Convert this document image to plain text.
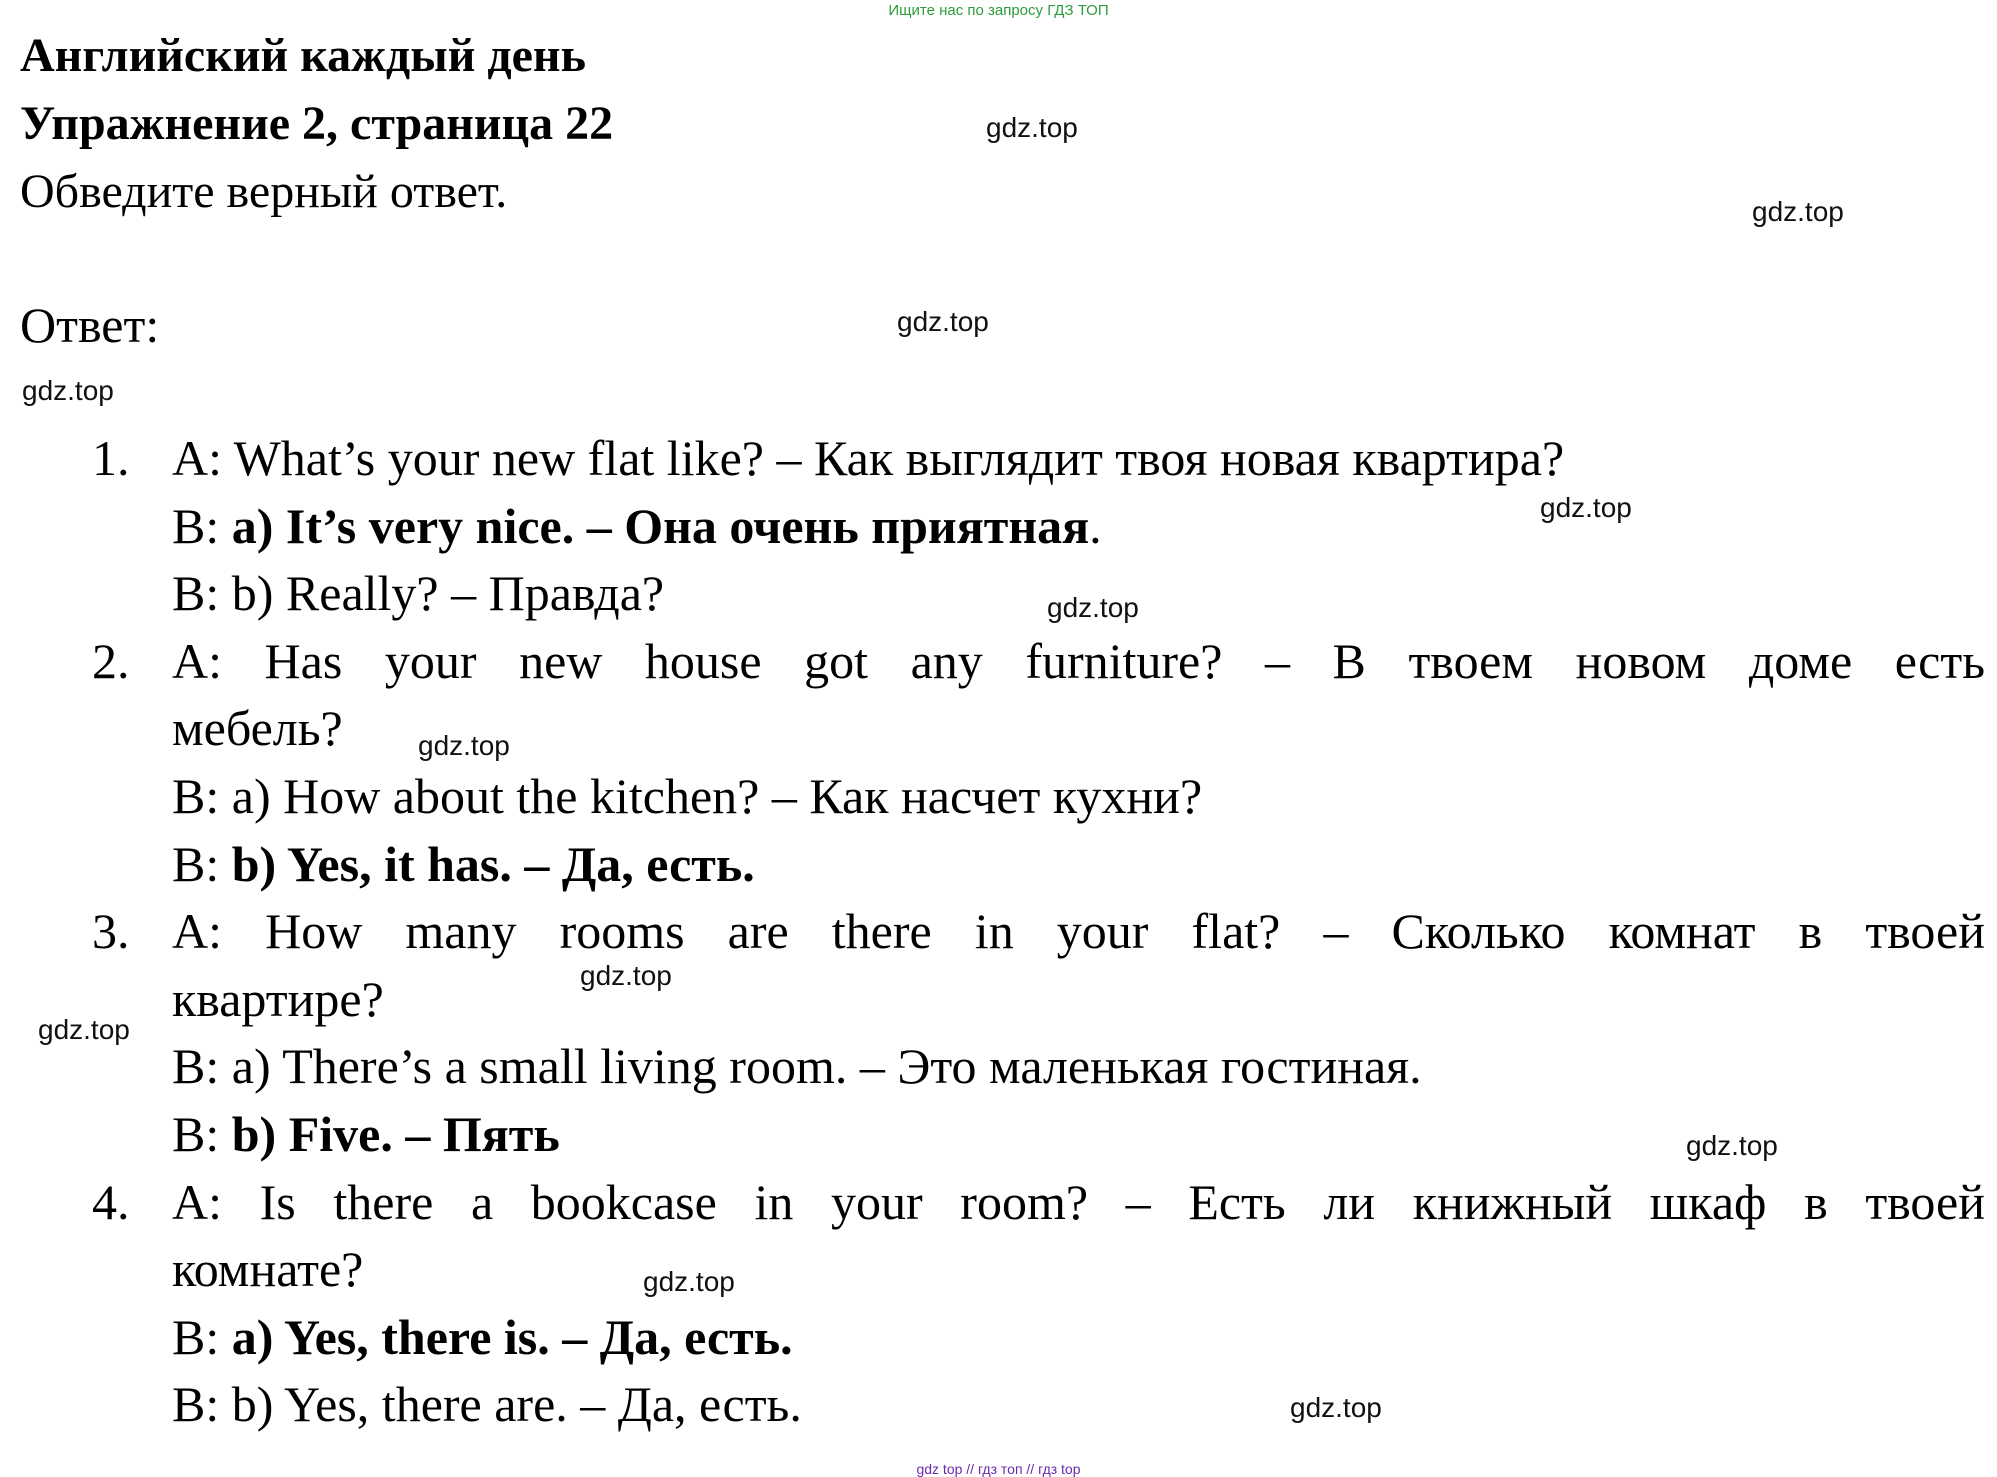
Ищите нас по запросу ГДЗ ТОП
Английский каждый день
Упражнение 2, страница 22
Обведите верный ответ.
Ответ:
1. A: What’s your new flat like? – Как выглядит твоя новая квартира?
B: a) It’s very nice. – Она очень приятная.
B: b) Really? – Правда?
2. A: Has your new house got any furniture? – В твоем новом доме есть
мебель?
B: a) How about the kitchen? – Как насчет кухни?
B: b) Yes, it has. – Да, есть.
3. A: How many rooms are there in your flat? – Сколько комнат в твоей
квартире?
B: a) There’s a small living room. – Это маленькая гостиная.
B: b) Five. – Пять
4. A: Is there a bookcase in your room? – Есть ли книжный шкаф в твоей
комнате?
B: a) Yes, there is. – Да, есть.
B: b) Yes, there are. – Да, есть.
gdz.top
gdz.top
gdz.top
gdz.top
gdz.top
gdz.top
gdz.top
gdz.top
gdz.top
gdz.top
gdz.top
gdz.top
gdz top // гдз топ // гдз top
